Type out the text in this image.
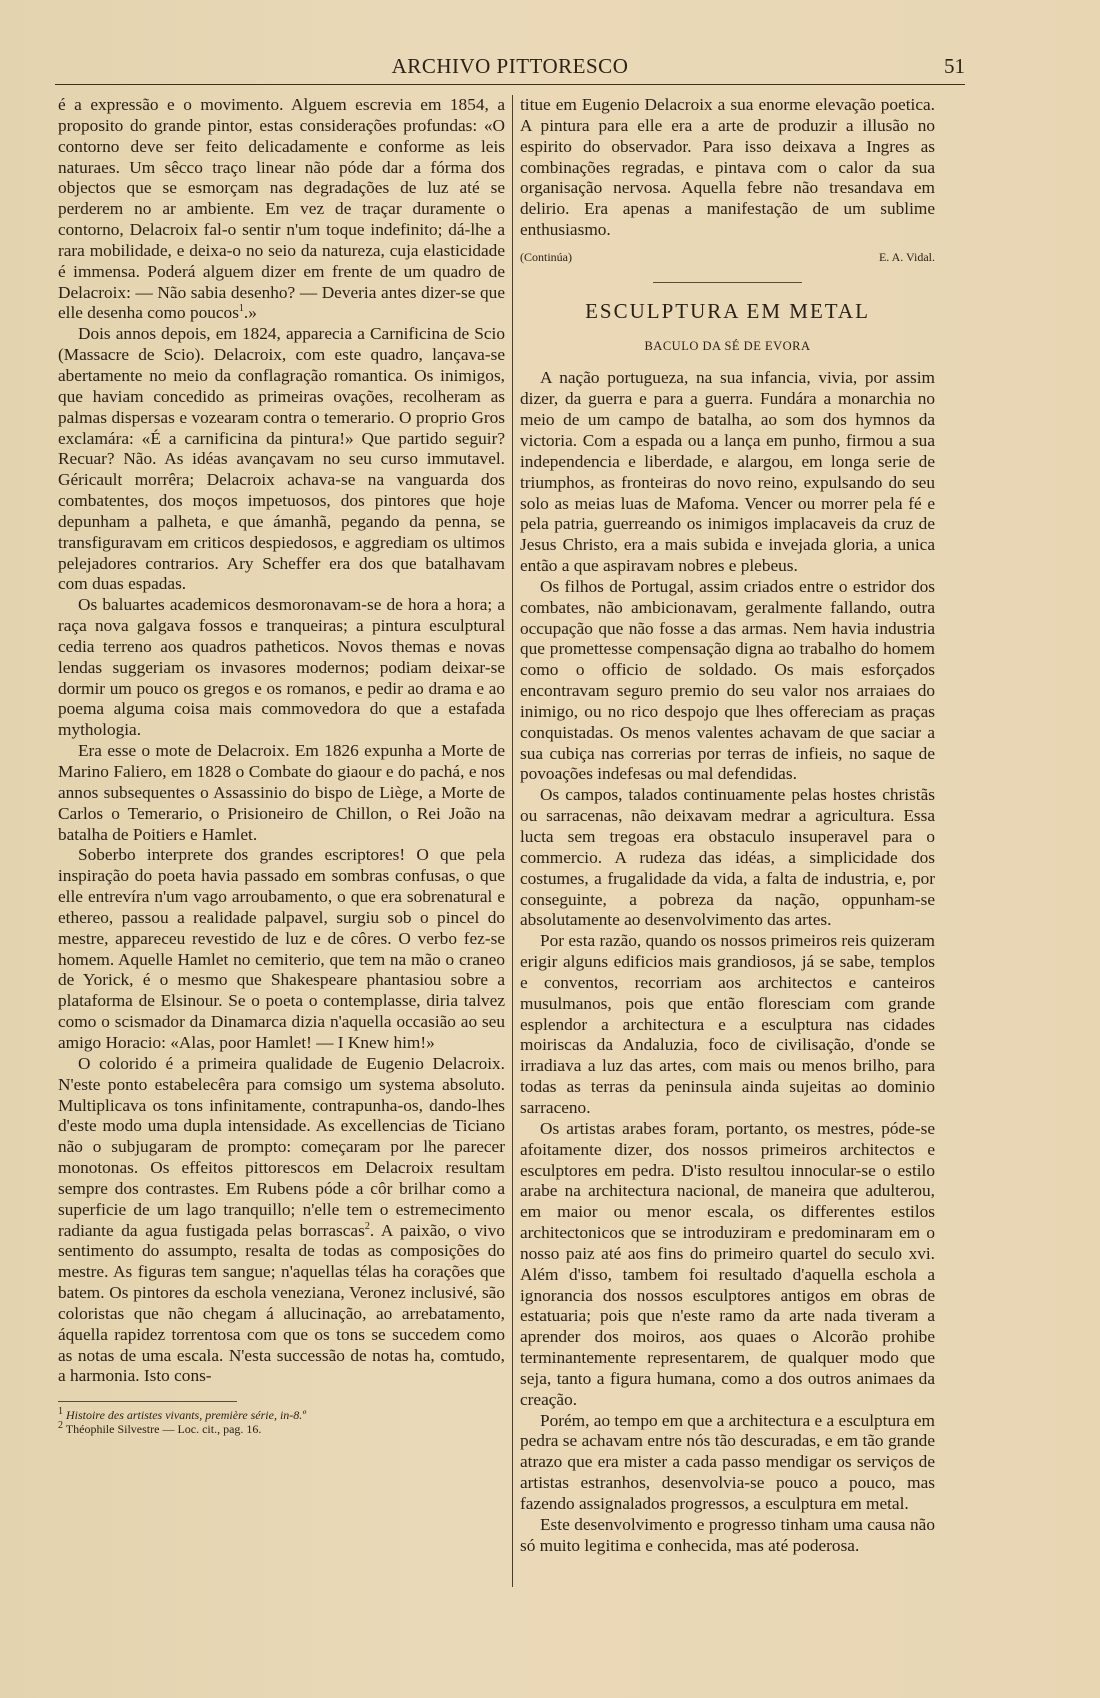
ARCHIVO PITTORESCO	51

é a expressão e o movimento. Alguem escrevia em 1854, a proposito do grande pintor, estas considerações profundas: «O contorno deve ser feito delicadamente e conforme as leis naturaes. Um sêcco traço linear não póde dar a fórma dos objectos que se esmorçam nas degradações de luz até se perderem no ar ambiente. Em vez de traçar duramente o contorno, Delacroix fal-o sentir n'um toque indefinito; dá-lhe a rara mobilidade, e deixa-o no seio da natureza, cuja elasticidade é immensa. Poderá alguem dizer em frente de um quadro de Delacroix: — Não sabia desenho? — Deveria antes dizer-se que elle desenha como poucos$^1$.»

Dois annos depois, em 1824, apparecia a Carnificina de Scio (Massacre de Scio). Delacroix, com este quadro, lançava-se abertamente no meio da conflagração romantica. Os inimigos, que haviam concedido as primeiras ovações, recolheram as palmas dispersas e vozearam contra o temerario. O proprio Gros exclamára: «É a carnificina da pintura!» Que partido seguir? Recuar? Não. As idéas avançavam no seu curso immutavel. Géricault morrêra; Delacroix achava-se na vanguarda dos combatentes, dos moços impetuosos, dos pintores que hoje depunham a palheta, e que ámanhã, pegando da penna, se transfiguravam em criticos despiedosos, e aggrediam os ultimos pelejadores contrarios. Ary Scheffer era dos que batalhavam com duas espadas.

Os baluartes academicos desmoronavam-se de hora a hora; a raça nova galgava fossos e tranqueiras; a pintura esculptural cedia terreno aos quadros patheticos. Novos themas e novas lendas suggeriam os invasores modernos; podiam deixar-se dormir um pouco os gregos e os romanos, e pedir ao drama e ao poema alguma coisa mais commovedora do que a estafada mythologia.

Era esse o mote de Delacroix. Em 1826 expunha a Morte de Marino Faliero, em 1828 o Combate do giaour e do pachá, e nos annos subsequentes o Assassinio do bispo de Liège, a Morte de Carlos o Temerario, o Prisioneiro de Chillon, o Rei João na batalha de Poitiers e Hamlet.

Soberbo interprete dos grandes escriptores! O que pela inspiração do poeta havia passado em sombras confusas, o que elle entrevíra n'um vago arroubamento, o que era sobrenatural e ethereo, passou a realidade palpavel, surgiu sob o pincel do mestre, appareceu revestido de luz e de côres. O verbo fez-se homem. Aquelle Hamlet no cemiterio, que tem na mão o craneo de Yorick, é o mesmo que Shakespeare phantasiou sobre a plataforma de Elsinour. Se o poeta o contemplasse, diria talvez como o scismador da Dinamarca dizia n'aquella occasião ao seu amigo Horacio: «Alas, poor Hamlet! — I Knew him!»

O colorido é a primeira qualidade de Eugenio Delacroix. N'este ponto estabelecêra para comsigo um systema absoluto. Multiplicava os tons infinitamente, contrapunha-os, dando-lhes d'este modo uma dupla intensidade. As excellencias de Ticiano não o subjugaram de prompto: começaram por lhe parecer monotonas. Os effeitos pittorescos em Delacroix resultam sempre dos contrastes. Em Rubens póde a côr brilhar como a superficie de um lago tranquillo; n'elle tem o estremecimento radiante da agua fustigada pelas borrascas$^2$. A paixão, o vivo sentimento do assumpto, resalta de todas as composições do mestre. As figuras tem sangue; n'aquellas télas ha corações que batem. Os pintores da eschola veneziana, Veronez inclusivé, são coloristas que não chegam á allucinação, ao arrebatamento, áquella rapidez torrentosa com que os tons se succedem como as notas de uma escala. N'esta successão de notas ha, comtudo, a harmonia. Isto cons-

$^1$ Histoire des artistes vivants, première série, in-8.º

$^2$ Théophile Silvestre — Loc. cit., pag. 16.

titue em Eugenio Delacroix a sua enorme elevação poetica. A pintura para elle era a arte de produzir a illusão no espirito do observador. Para isso deixava a Ingres as combinações regradas, e pintava com o calor da sua organisação nervosa. Aquella febre não tresandava em delirio. Era apenas a manifestação de um sublime enthusiasmo.

(Continúa)	E. A. Vidal.
ESCULPTURA EM METAL
BACULO DA SÉ DE EVORA

A nação portugueza, na sua infancia, vivia, por assim dizer, da guerra e para a guerra. Fundára a monarchia no meio de um campo de batalha, ao som dos hymnos da victoria. Com a espada ou a lança em punho, firmou a sua independencia e liberdade, e alargou, em longa serie de triumphos, as fronteiras do novo reino, expulsando do seu solo as meias luas de Mafoma. Vencer ou morrer pela fé e pela patria, guerreando os inimigos implacaveis da cruz de Jesus Christo, era a mais subida e invejada gloria, a unica então a que aspiravam nobres e plebeus.

Os filhos de Portugal, assim criados entre o estridor dos combates, não ambicionavam, geralmente fallando, outra occupação que não fosse a das armas. Nem havia industria que promettesse compensação digna ao trabalho do homem como o officio de soldado. Os mais esforçados encontravam seguro premio do seu valor nos arraiaes do inimigo, ou no rico despojo que lhes offereciam as praças conquistadas. Os menos valentes achavam de que saciar a sua cubiça nas correrias por terras de infieis, no saque de povoações indefesas ou mal defendidas.

Os campos, talados continuamente pelas hostes christãs ou sarracenas, não deixavam medrar a agricultura. Essa lucta sem tregoas era obstaculo insuperavel para o commercio. A rudeza das idéas, a simplicidade dos costumes, a frugalidade da vida, a falta de industria, e, por conseguinte, a pobreza da nação, oppunham-se absolutamente ao desenvolvimento das artes.

Por esta razão, quando os nossos primeiros reis quizeram erigir alguns edificios mais grandiosos, já se sabe, templos e conventos, recorriam aos architectos e canteiros musulmanos, pois que então floresciam com grande esplendor a architectura e a esculptura nas cidades moiriscas da Andaluzia, foco de civilisação, d'onde se irradiava a luz das artes, com mais ou menos brilho, para todas as terras da peninsula ainda sujeitas ao dominio sarraceno.

Os artistas arabes foram, portanto, os mestres, póde-se afoitamente dizer, dos nossos primeiros architectos e esculptores em pedra. D'isto resultou innocular-se o estilo arabe na architectura nacional, de maneira que adulterou, em maior ou menor escala, os differentes estilos architectonicos que se introduziram e predominaram em o nosso paiz até aos fins do primeiro quartel do seculo xvi. Além d'isso, tambem foi resultado d'aquella eschola a ignorancia dos nossos esculptores antigos em obras de estatuaria; pois que n'este ramo da arte nada tiveram a aprender dos moiros, aos quaes o Alcorão prohibe terminantemente representarem, de qualquer modo que seja, tanto a figura humana, como a dos outros animaes da creação.

Porém, ao tempo em que a architectura e a esculptura em pedra se achavam entre nós tão descuradas, e em tão grande atrazo que era mister a cada passo mendigar os serviços de artistas estranhos, desenvolvia-se pouco a pouco, mas fazendo assignalados progressos, a esculptura em metal.

Este desenvolvimento e progresso tinham uma causa não só muito legitima e conhecida, mas até poderosa.
